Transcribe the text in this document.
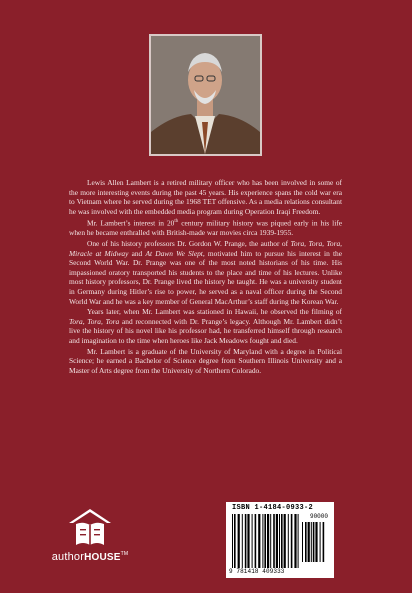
Lewis Allen Lambert is a retired military officer who has been involved in some of the more interesting events during the past 45 years. His experience spans the cold war era to Vietnam where he served during the 1968 TET offensive. As a media relations consultant he was involved with the embedded media program during Operation Iraqi Freedom.

Mr. Lambert’s interest in 20th century military history was piqued early in his life when he became enthralled with British-made war movies circa 1939-1955.

One of his history professors Dr. Gordon W. Prange, the author of Tora, Tora, Tora, Miracle at Midway and At Dawn We Slept, motivated him to pursue his interest in the Second World War. Dr. Prange was one of the most noted historians of his time. His impassioned oratory transported his students to the place and time of his lectures. Unlike most history professors, Dr. Prange lived the history he taught. He was a university student in Germany during Hitler’s rise to power, he served as a naval officer during the Second World War and he was a key member of General MacArthur’s staff during the Korean War.

Years later, when Mr. Lambert was stationed in Hawaii, he observed the filming of Tora, Tora, Tora and reconnected with Dr. Prange’s legacy. Although Mr. Lambert didn’t live the history of his novel like his professor had, he transferred himself through research and imagination to the time when heroes like Jack Meadows fought and died.

Mr. Lambert is a graduate of the University of Maryland with a degree in Political Science; he earned a Bachelor of Science degree from Southern Illinois University and a Master of Arts degree from the University of Northern Colorado.

authorHOUSE™
ISBN 1-4184-0933-2
90000
9 781418 409333
